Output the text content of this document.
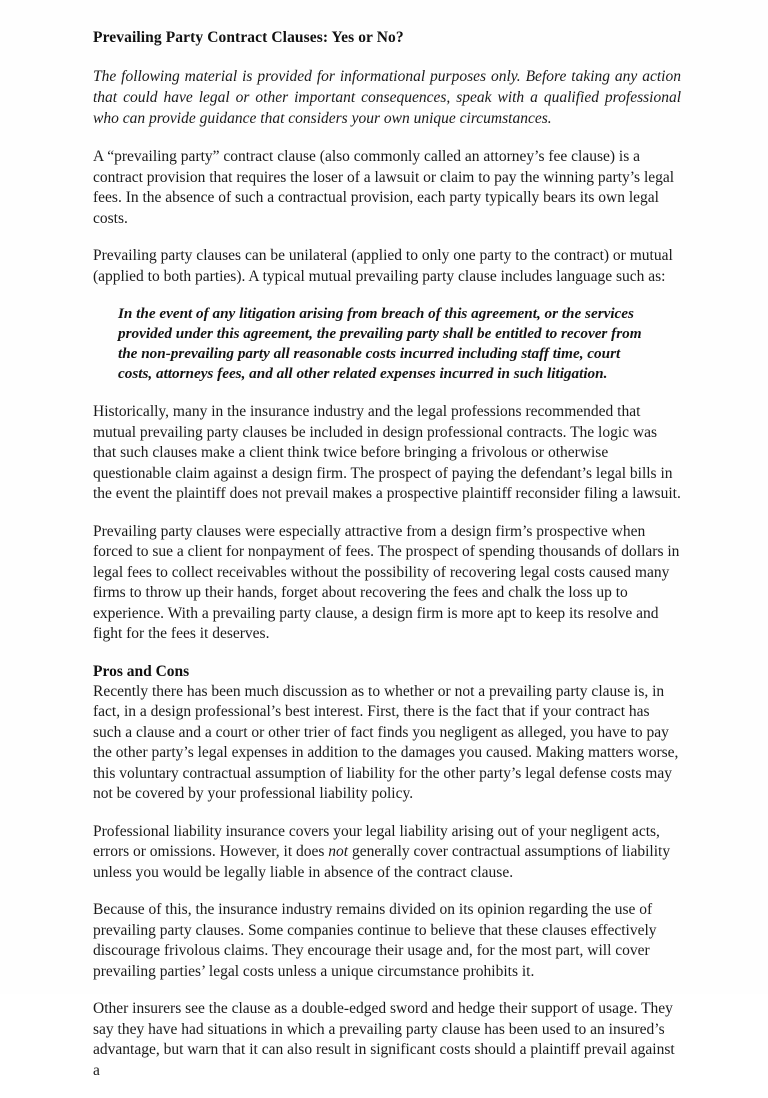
Prevailing Party Contract Clauses: Yes or No?

The following material is provided for informational purposes only. Before taking any action that could have legal or other important consequences, speak with a qualified professional who can provide guidance that considers your own unique circumstances.

A “prevailing party” contract clause (also commonly called an attorney’s fee clause) is a contract provision that requires the loser of a lawsuit or claim to pay the winning party’s legal fees. In the absence of such a contractual provision, each party typically bears its own legal costs.

Prevailing party clauses can be unilateral (applied to only one party to the contract) or mutual (applied to both parties). A typical mutual prevailing party clause includes language such as:

In the event of any litigation arising from breach of this agreement, or the services provided under this agreement, the prevailing party shall be entitled to recover from the non-prevailing party all reasonable costs incurred including staff time, court costs, attorneys fees, and all other related expenses incurred in such litigation.

Historically, many in the insurance industry and the legal professions recommended that mutual prevailing party clauses be included in design professional contracts. The logic was that such clauses make a client think twice before bringing a frivolous or otherwise questionable claim against a design firm. The prospect of paying the defendant’s legal bills in the event the plaintiff does not prevail makes a prospective plaintiff reconsider filing a lawsuit.

Prevailing party clauses were especially attractive from a design firm’s prospective when forced to sue a client for nonpayment of fees. The prospect of spending thousands of dollars in legal fees to collect receivables without the possibility of recovering legal costs caused many firms to throw up their hands, forget about recovering the fees and chalk the loss up to experience. With a prevailing party clause, a design firm is more apt to keep its resolve and fight for the fees it deserves.

Pros and Cons

Recently there has been much discussion as to whether or not a prevailing party clause is, in fact, in a design professional’s best interest. First, there is the fact that if your contract has such a clause and a court or other trier of fact finds you negligent as alleged, you have to pay the other party’s legal expenses in addition to the damages you caused. Making matters worse, this voluntary contractual assumption of liability for the other party’s legal defense costs may not be covered by your professional liability policy.

Professional liability insurance covers your legal liability arising out of your negligent acts, errors or omissions. However, it does not generally cover contractual assumptions of liability unless you would be legally liable in absence of the contract clause.

Because of this, the insurance industry remains divided on its opinion regarding the use of prevailing party clauses. Some companies continue to believe that these clauses effectively discourage frivolous claims. They encourage their usage and, for the most part, will cover prevailing parties’ legal costs unless a unique circumstance prohibits it.

Other insurers see the clause as a double-edged sword and hedge their support of usage. They say they have had situations in which a prevailing party clause has been used to an insured’s advantage, but warn that it can also result in significant costs should a plaintiff prevail against a
